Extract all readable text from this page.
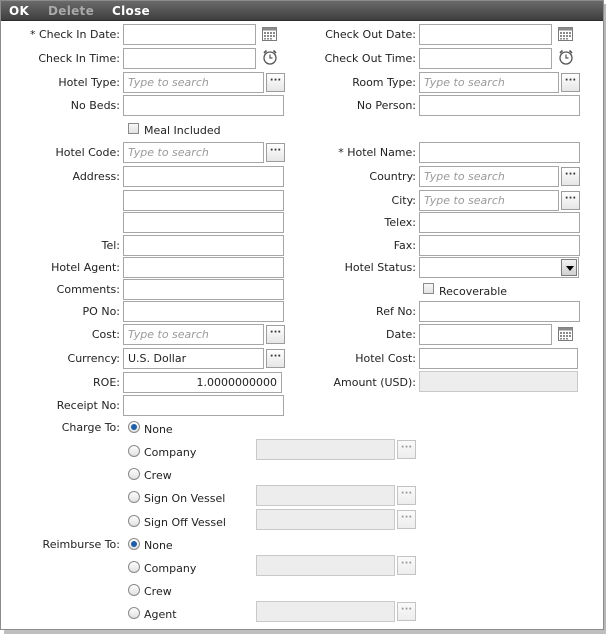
OK Delete Close
* Check In Date:	Check Out Date:
Check In Time:	Check Out Time:
Hotel Type: Type to search	···	Room Type: Type to search	···
No Beds:	No Person:
Meal Included
Hotel Code: Type to search	···	* Hotel Name:
Address:	Country: Type to search	···
City: Type to search	···
Telex:
Tel:	Fax:
Hotel Agent:	Hotel Status:
Comments:	Recoverable
PO No:	Ref No:
Cost: Type to search	···	Date:
Currency: U.S. Dollar	···	Hotel Cost:
ROE:	1.0000000000	Amount (USD):
Receipt No:
Charge To: None
Company	···
Crew
Sign On Vessel	···
Sign Off Vessel	···
Reimburse To: None
Company	···
Crew
Agent	···
